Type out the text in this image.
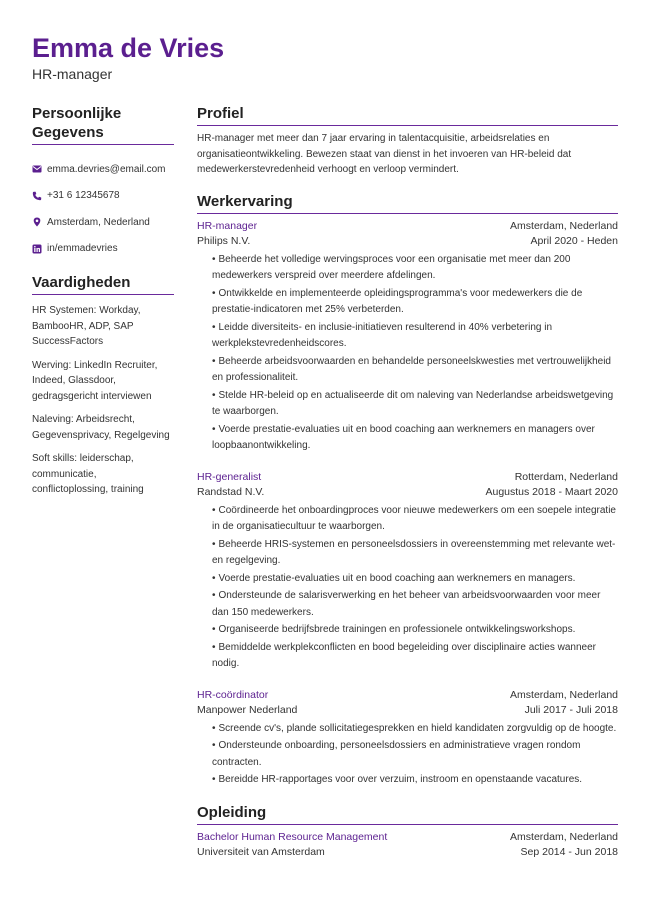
Emma de Vries
HR-manager
Persoonlijke Gegevens
emma.devries@email.com
+31 6 12345678
Amsterdam, Nederland
in/emmadevries
Vaardigheden
HR Systemen: Workday, BambooHR, ADP, SAP SuccessFactors
Werving: LinkedIn Recruiter, Indeed, Glassdoor, gedragsgericht interviewen
Naleving: Arbeidsrecht, Gegevensprivacy, Regelgeving
Soft skills: leiderschap, communicatie, conflictoplossing, training
Profiel
HR-manager met meer dan 7 jaar ervaring in talentacquisitie, arbeidsrelaties en organisatieontwikkeling. Bewezen staat van dienst in het invoeren van HR-beleid dat medewerkerstevredenheid verhoogt en verloop vermindert.
Werkervaring
HR-manager	Amsterdam, Nederland
Philips N.V.	April 2020 - Heden
• Beheerde het volledige wervingsproces voor een organisatie met meer dan 200 medewerkers verspreid over meerdere afdelingen.
• Ontwikkelde en implementeerde opleidingsprogramma's voor medewerkers die de prestatie-indicatoren met 25% verbeterden.
• Leidde diversiteits- en inclusie-initiatieven resulterend in 40% verbetering in werkplekstevredenheidscores.
• Beheerde arbeidsvoorwaarden en behandelde personeelskwesties met vertrouwelijkheid en professionaliteit.
• Stelde HR-beleid op en actualiseerde dit om naleving van Nederlandse arbeidswetgeving te waarborgen.
• Voerde prestatie-evaluaties uit en bood coaching aan werknemers en managers over loopbaanontwikkeling.
HR-generalist	Rotterdam, Nederland
Randstad N.V.	Augustus 2018 - Maart 2020
• Coördineerde het onboardingproces voor nieuwe medewerkers om een soepele integratie in de organisatiecultuur te waarborgen.
• Beheerde HRIS-systemen en personeelsdossiers in overeenstemming met relevante wet- en regelgeving.
• Voerde prestatie-evaluaties uit en bood coaching aan werknemers en managers.
• Ondersteunde de salarisverwerking en het beheer van arbeidsvoorwaarden voor meer dan 150 medewerkers.
• Organiseerde bedrijfsbrede trainingen en professionele ontwikkelingsworkshops.
• Bemiddelde werkplekconflicten en bood begeleiding over disciplinaire acties wanneer nodig.
HR-coördinator	Amsterdam, Nederland
Manpower Nederland	Juli 2017 - Juli 2018
• Screende cv's, plande sollicitatiegesprekken en hield kandidaten zorgvuldig op de hoogte.
• Ondersteunde onboarding, personeelsdossiers en administratieve vragen rondom contracten.
• Bereidde HR-rapportages voor over verzuim, instroom en openstaande vacatures.
Opleiding
Bachelor Human Resource Management	Amsterdam, Nederland
Universiteit van Amsterdam	Sep 2014 - Jun 2018
